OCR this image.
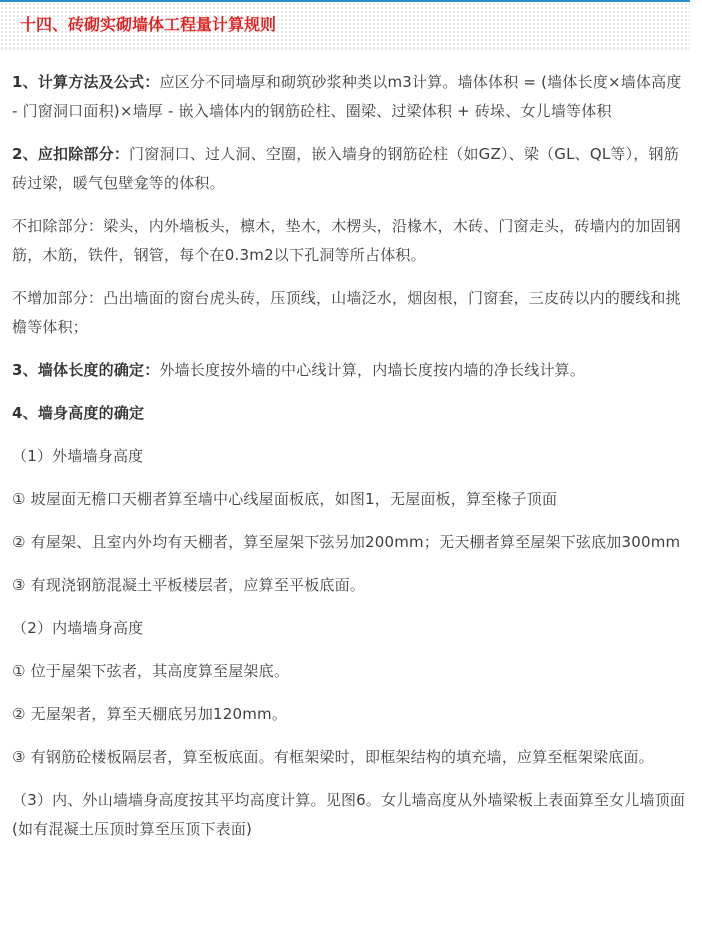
十四、砖砌实砌墙体工程量计算规则

1、计算方法及公式：应区分不同墙厚和砌筑砂浆种类以m3计算。墙体体积 = (墙体长度×墙体高度 - 门窗洞口面积)×墙厚 - 嵌入墙体内的钢筋砼柱、圈梁、过梁体积 + 砖垛、女儿墙等体积

2、应扣除部分：门窗洞口、过人洞、空圈，嵌入墙身的钢筋砼柱（如GZ）、梁（GL、QL等），钢筋砖过梁，暖气包壁龛等的体积。

不扣除部分：梁头，内外墙板头，檩木，垫木，木楞头，沿椽木，木砖、门窗走头，砖墙内的加固钢筋，木筋，铁件，钢管，每个在0.3m2以下孔洞等所占体积。

不增加部分：凸出墙面的窗台虎头砖，压顶线，山墙泛水，烟囱根，门窗套，三皮砖以内的腰线和挑檐等体积；

3、墙体长度的确定：外墙长度按外墙的中心线计算，内墙长度按内墙的净长线计算。

4、墙身高度的确定

（1）外墙墙身高度

① 坡屋面无檐口天棚者算至墙中心线屋面板底，如图1，无屋面板，算至椽子顶面

② 有屋架、且室内外均有天棚者，算至屋架下弦另加200mm；无天棚者算至屋架下弦底加300mm

③ 有现浇钢筋混凝土平板楼层者，应算至平板底面。

（2）内墙墙身高度

① 位于屋架下弦者，其高度算至屋架底。

② 无屋架者，算至天棚底另加120mm。

③ 有钢筋砼楼板隔层者，算至板底面。有框架梁时，即框架结构的填充墙，应算至框架梁底面。

（3）内、外山墙墙身高度按其平均高度计算。见图6。女儿墙高度从外墙梁板上表面算至女儿墙顶面(如有混凝土压顶时算至压顶下表面)
